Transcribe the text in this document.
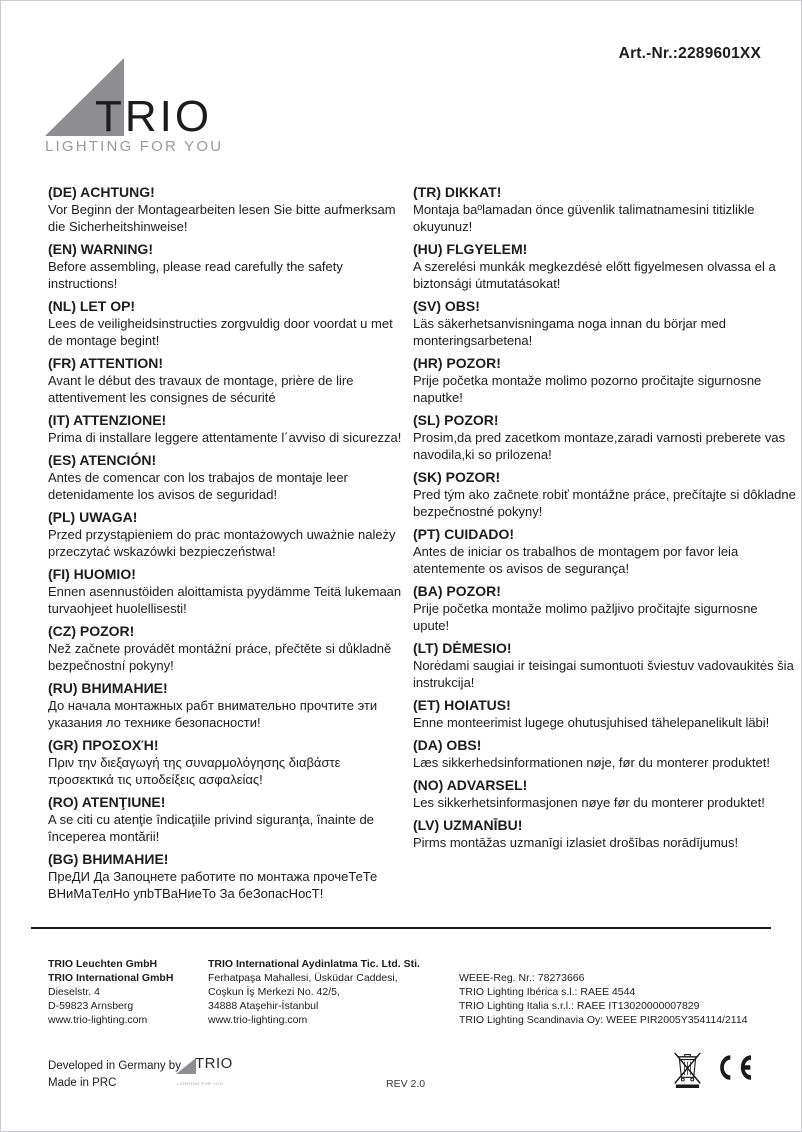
Art.-Nr.:2289601XX
TRIO
LIGHTING FOR YOU
(DE) ACHTUNG!
Vor Beginn der Montagearbeiten lesen Sie bitte aufmerksam die Sicherheitshinweise!
(EN) WARNING!
Before assembling, please read carefully the safety instructions!
(NL) LET OP!
Lees de veiligheidsinstructies zorgvuldig door voordat u met de montage begint!
(FR) ATTENTION!
Avant le début des travaux de montage, prière de lire attentivement les consignes de sécurité
(IT) ATTENZIONE!
Prima di installare leggere attentamente l´avviso di sicurezza!
(ES) ATENCIÓN!
Antes de comencar con los trabajos de montaje leer detenidamente los avisos de seguridad!
(PL) UWAGA!
Przed przystąpieniem do prac montażowych uważnie należy przeczytać wskazówki bezpieczeństwa!
(FI) HUOMIO!
Ennen asennustöiden aloittamista pyydämme Teitä lukemaan turvaohjeet huolellisesti!
(CZ) POZOR!
Než začnete provádět montážní práce, přečtěte si důkladně bezpečnostní pokyny!
(RU) ВНИМАНИЕ!
До начала монтажных рабт внимательно прочтите эти указания ло технике безопасности!
(GR) ΠΡΟΣΟΧΉ!
Πριν την διεξαγωγή της συναρμολόγησης διαβάστε προσεκτικά τις υποδείξεις ασφαλείας!
(RO) ATENŢIUNE!
A se citi cu atenţie îndicaţiile privind siguranţa, înainte de începerea montării!
(BG) ВНИМАНИЕ!
ПреДИ Да Запоцнете работите по монтажа прочеТеТе ВНиМаТелНо упbТВаНиеТо За беЗопасНосТ!
(TR) DIKKAT!
Montaja baºlamadan önce güvenlik talimatnamesini titizlikle okuyunuz!
(HU) FLGYELEM!
A szerelési munkák megkezdésė előtt figyelmesen olvassa el a biztonsági útmutatásokat!
(SV) OBS!
Läs säkerhetsanvisningama noga innan du börjar med monteringsarbetena!
(HR) POZOR!
Prije početka montaže molimo pozorno pročitajte sigurnosne naputke!
(SL) POZOR!
Prosim,da pred zacetkom montaze,zaradi varnosti preberete vas navodila,ki so prilozena!
(SK) POZOR!
Pred tým ako začnete robiť montážne práce, prečítajte si dôkladne bezpečnostné pokyny!
(PT) CUIDADO!
Antes de iniciar os trabalhos de montagem por favor leia atentemente os avisos de segurança!
(BA) POZOR!
Prije početka montaže molimo pažljivo pročitajte sigurnosne upute!
(LT) DĖMESIO!
Norėdami saugiai ir teisingai sumontuoti šviestuv vadovaukitės šia instrukcija!
(ET) HOIATUS!
Enne monteerimist lugege ohutusjuhised tähelepanelikult läbi!
(DA) OBS!
Læs sikkerhedsinformationen nøje, før du monterer produktet!
(NO) ADVARSEL!
Les sikkerhetsinformasjonen nøye før du monterer produktet!
(LV) UZMANĪBU!
Pirms montāžas uzmanīgi izlasiet drošības norādījumus!
TRIO Leuchten GmbH
TRIO International GmbH
Dieselstr. 4
D-59823 Arnsberg
www.trio-lighting.com
TRIO International Aydinlatma Tic. Ltd. Sti.
Ferhatpaşa Mahallesi, Üsküdar Caddesi,
Coşkun İş Merkezi No. 42/5,
34888 Ataşehir-İstanbul
www.trio-lighting.com
WEEE-Reg. Nr.: 78273666
TRIO Lighting Ibérica s.l.: RAEE 4544
TRIO Lighting Italia s.r.l.: RAEE IT13020000007829
TRIO Lighting Scandinavia Oy: WEEE PIR2005Y354114/2114
Developed in Germany by
Made in PRC
TRIO
LIGHTING FOR YOU	REV 2.0
